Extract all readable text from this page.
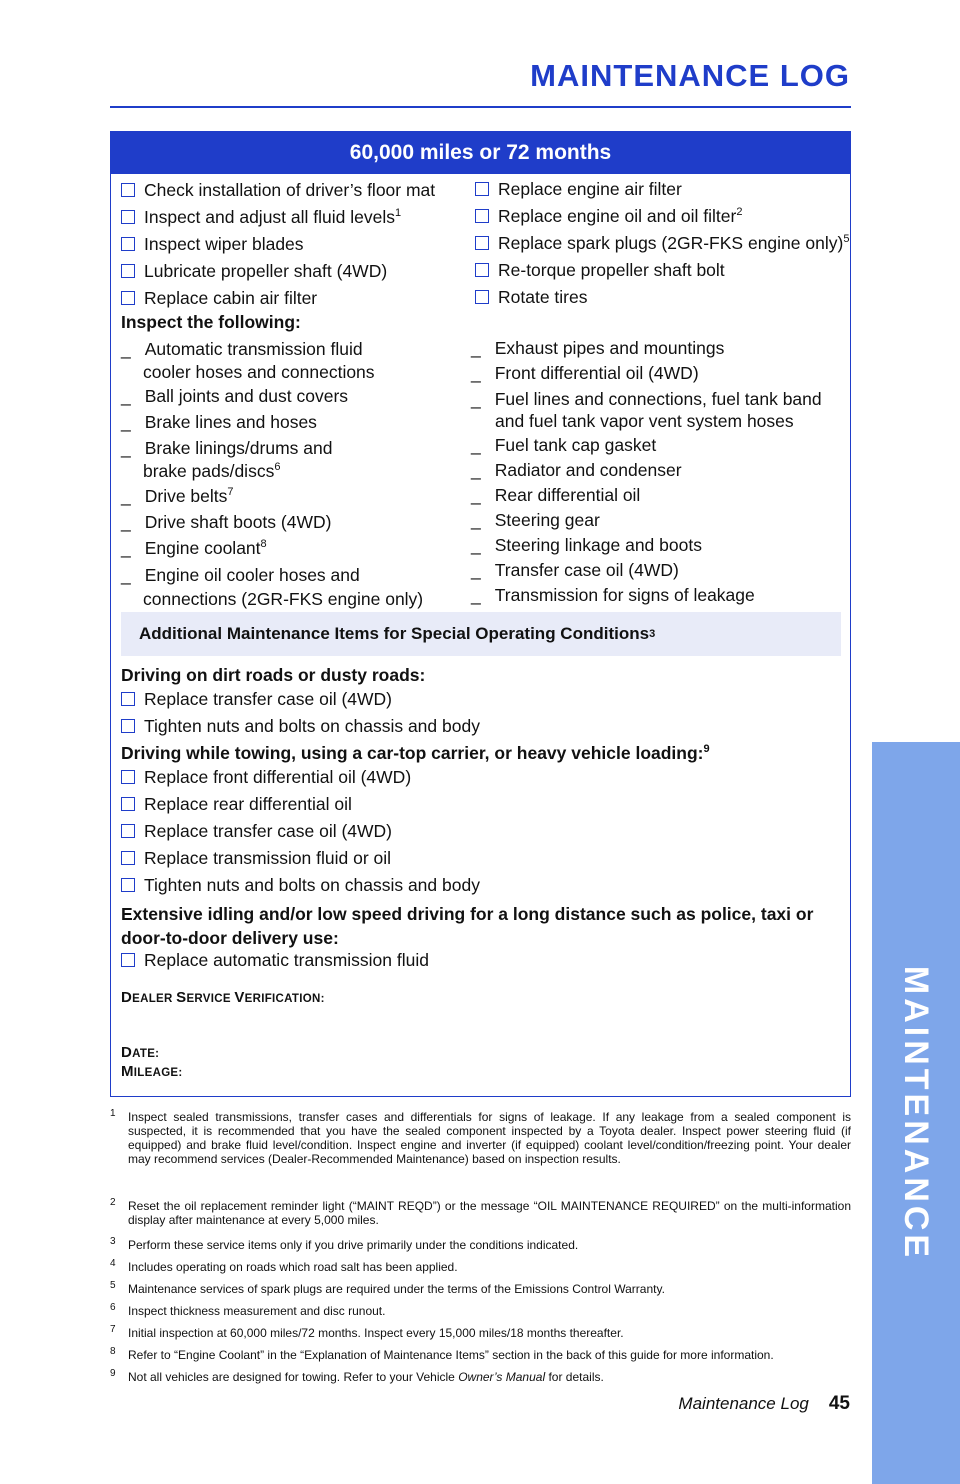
MAINTENANCE LOG
MAINTENANCE
60,000 miles or 72 months
Check installation of driver’s floor mat
Inspect and adjust all fluid levels$^1$
Inspect wiper blades
Lubricate propeller shaft (4WD)
Replace cabin air filter
Replace engine air filter
Replace engine oil and oil filter$^2$
Replace spark plugs (2GR-FKS engine only)$^5$
Re-torque propeller shaft bolt
Rotate tires
Inspect the following:
_ Automatic transmission fluid
cooler hoses and connections
_ Ball joints and dust covers
_ Brake lines and hoses
_ Brake linings/drums and
brake pads/discs$^6$
_ Drive belts$^7$
_ Drive shaft boots (4WD)
_ Engine coolant$^8$
_ Engine oil cooler hoses and
connections (2GR-FKS engine only)
_ Exhaust pipes and mountings
_ Front differential oil (4WD)
_ Fuel lines and connections, fuel tank band
and fuel tank vapor vent system hoses
_ Fuel tank cap gasket
_ Radiator and condenser
_ Rear differential oil
_ Steering gear
_ Steering linkage and boots
_ Transfer case oil (4WD)
_ Transmission for signs of leakage
Additional Maintenance Items for Special Operating Conditions 3
Driving on dirt roads or dusty roads:
Replace transfer case oil (4WD)
Tighten nuts and bolts on chassis and body
Driving while towing, using a car-top carrier, or heavy vehicle loading:$^9$
Replace front differential oil (4WD)
Replace rear differential oil
Replace transfer case oil (4WD)
Replace transmission fluid or oil
Tighten nuts and bolts on chassis and body
Extensive idling and/or low speed driving for a long distance such as police, taxi or
door-to-door delivery use:
Replace automatic transmission fluid
DEALER SERVICE VERIFICATION:
DATE:
MILEAGE:
1	Inspect sealed transmissions, transfer cases and differentials for signs of leakage. If any leakage from a sealed component is suspected, it is recommended that you have the sealed component inspected by a Toyota dealer. Inspect power steering fluid (if equipped) and brake fluid level/condition. Inspect engine and inverter (if equipped) coolant level/condition/freezing point. Your dealer may recommend services (Dealer-Recommended Maintenance) based on inspection results.
2	Reset the oil replacement reminder light (“MAINT REQD”) or the message “OIL MAINTENANCE REQUIRED” on the multi-information display after maintenance at every 5,000 miles.
3	Perform these service items only if you drive primarily under the conditions indicated.
4	Includes operating on roads which road salt has been applied.
5	Maintenance services of spark plugs are required under the terms of the Emissions Control Warranty.
6	Inspect thickness measurement and disc runout.
7	Initial inspection at 60,000 miles/72 months. Inspect every 15,000 miles/18 months thereafter.
8	Refer to “Engine Coolant” in the “Explanation of Maintenance Items” section in the back of this guide for more information.
9	Not all vehicles are designed for towing. Refer to your Vehicle Owner’s Manual for details.
Maintenance Log 45
